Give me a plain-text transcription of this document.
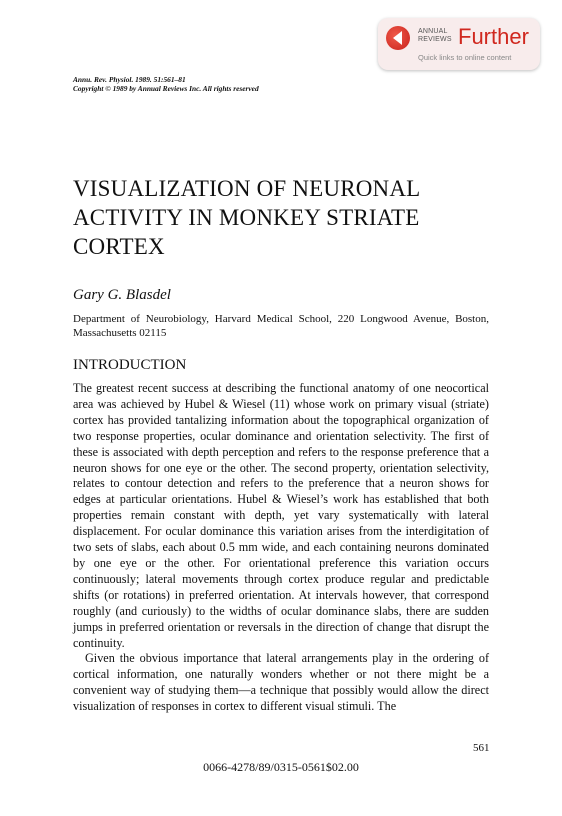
ANNUAL
REVIEWS Further
Quick links to online content
Annu. Rev. Physiol. 1989. 51:561–81
Copyright © 1989 by Annual Reviews Inc. All rights reserved
VISUALIZATION OF NEURONAL
ACTIVITY IN MONKEY STRIATE
CORTEX
Gary G. Blasdel
Department of Neurobiology, Harvard Medical School, 220 Longwood Avenue, Boston, Massachusetts 02115
INTRODUCTION

The greatest recent success at describing the functional anatomy of one neocortical area was achieved by Hubel & Wiesel (11) whose work on primary visual (striate) cortex has provided tantalizing information about the topographical organization of two response properties, ocular dominance and orientation selectivity. The first of these is associated with depth perception and refers to the response preference that a neuron shows for one eye or the other. The second property, orientation selectivity, relates to contour detection and refers to the preference that a neuron shows for edges at particular orientations. Hubel & Wiesel’s work has established that both properties remain constant with depth, yet vary systematically with lateral displacement. For ocular dominance this variation arises from the interdigitation of two sets of slabs, each about 0.5 mm wide, and each containing neurons dominated by one eye or the other. For orientational preference this variation occurs continuously; lateral movements through cortex produce regular and predictable shifts (or rotations) in preferred orientation. At intervals however, that correspond roughly (and curiously) to the widths of ocular dominance slabs, there are sudden jumps in preferred orientation or reversals in the direction of change that disrupt the continuity.

Given the obvious importance that lateral arrangements play in the ordering of cortical information, one naturally wonders whether or not there might be a convenient way of studying them—a technique that possibly would allow the direct visualization of responses in cortex to different visual stimuli. The

561
0066-4278/89/0315-0561$02.00
